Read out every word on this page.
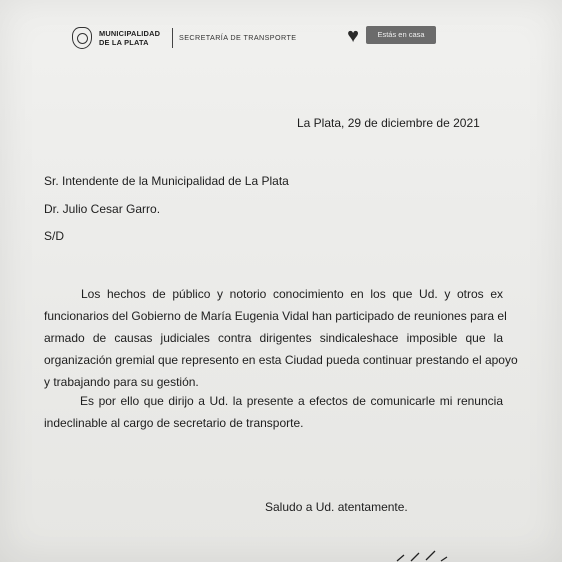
MUNICIPALIDAD
DE LA PLATA
SECRETARÍA DE TRANSPORTE	♥	Estás en casa
La Plata, 29 de diciembre de 2021
Sr. Intendente de la Municipalidad de La Plata
Dr. Julio Cesar Garro.
S/D
Los hechos de público y notorio conocimiento en los que Ud. y otros ex
funcionarios del Gobierno de María Eugenia Vidal han participado de reuniones para el
armado de causas judiciales contra dirigentes sindicaleshace imposible que la
organización gremial que represento en esta Ciudad pueda continuar prestando el apoyo
y trabajando para su gestión.
Es por ello que dirijo a Ud. la presente a efectos de comunicarle mi renuncia
indeclinable al cargo de secretario de transporte.
Saludo a Ud. atentamente.
